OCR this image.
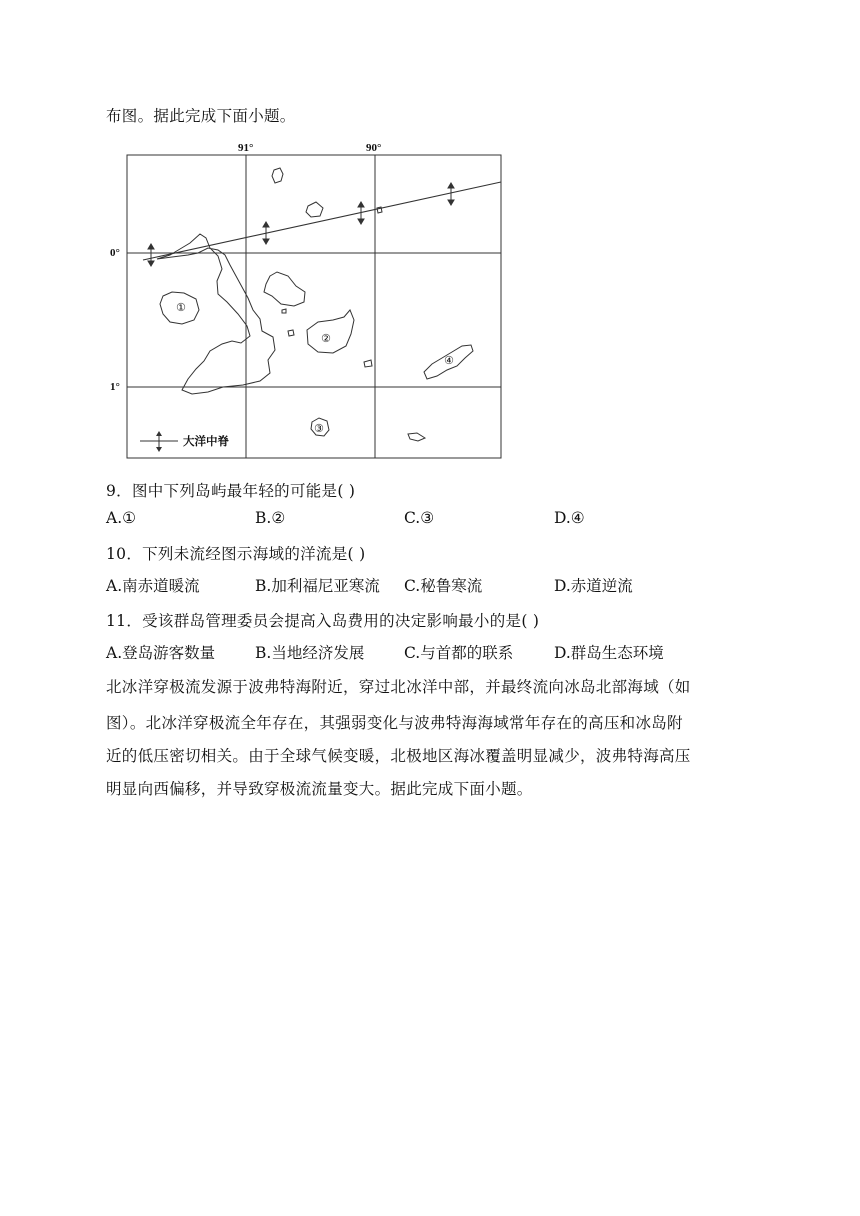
布图。据此完成下面小题。
91°	90°
0°
1°
①
②
④
③
大洋中脊
9．图中下列岛屿最年轻的可能是( )
A.①	B.②	C.③	D.④
10．下列未流经图示海域的洋流是( )
A.南赤道暖流	B.加利福尼亚寒流 C.秘鲁寒流	D.赤道逆流
11．受该群岛管理委员会提高入岛费用的决定影响最小的是( )
A.登岛游客数量	B.当地经济发展	C.与首都的联系	D.群岛生态环境
北冰洋穿极流发源于波弗特海附近，穿过北冰洋中部，并最终流向冰岛北部海域（如
图）。北冰洋穿极流全年存在，其强弱变化与波弗特海海域常年存在的高压和冰岛附
近的低压密切相关。由于全球气候变暖，北极地区海冰覆盖明显减少，波弗特海高压
明显向西偏移，并导致穿极流流量变大。据此完成下面小题。
